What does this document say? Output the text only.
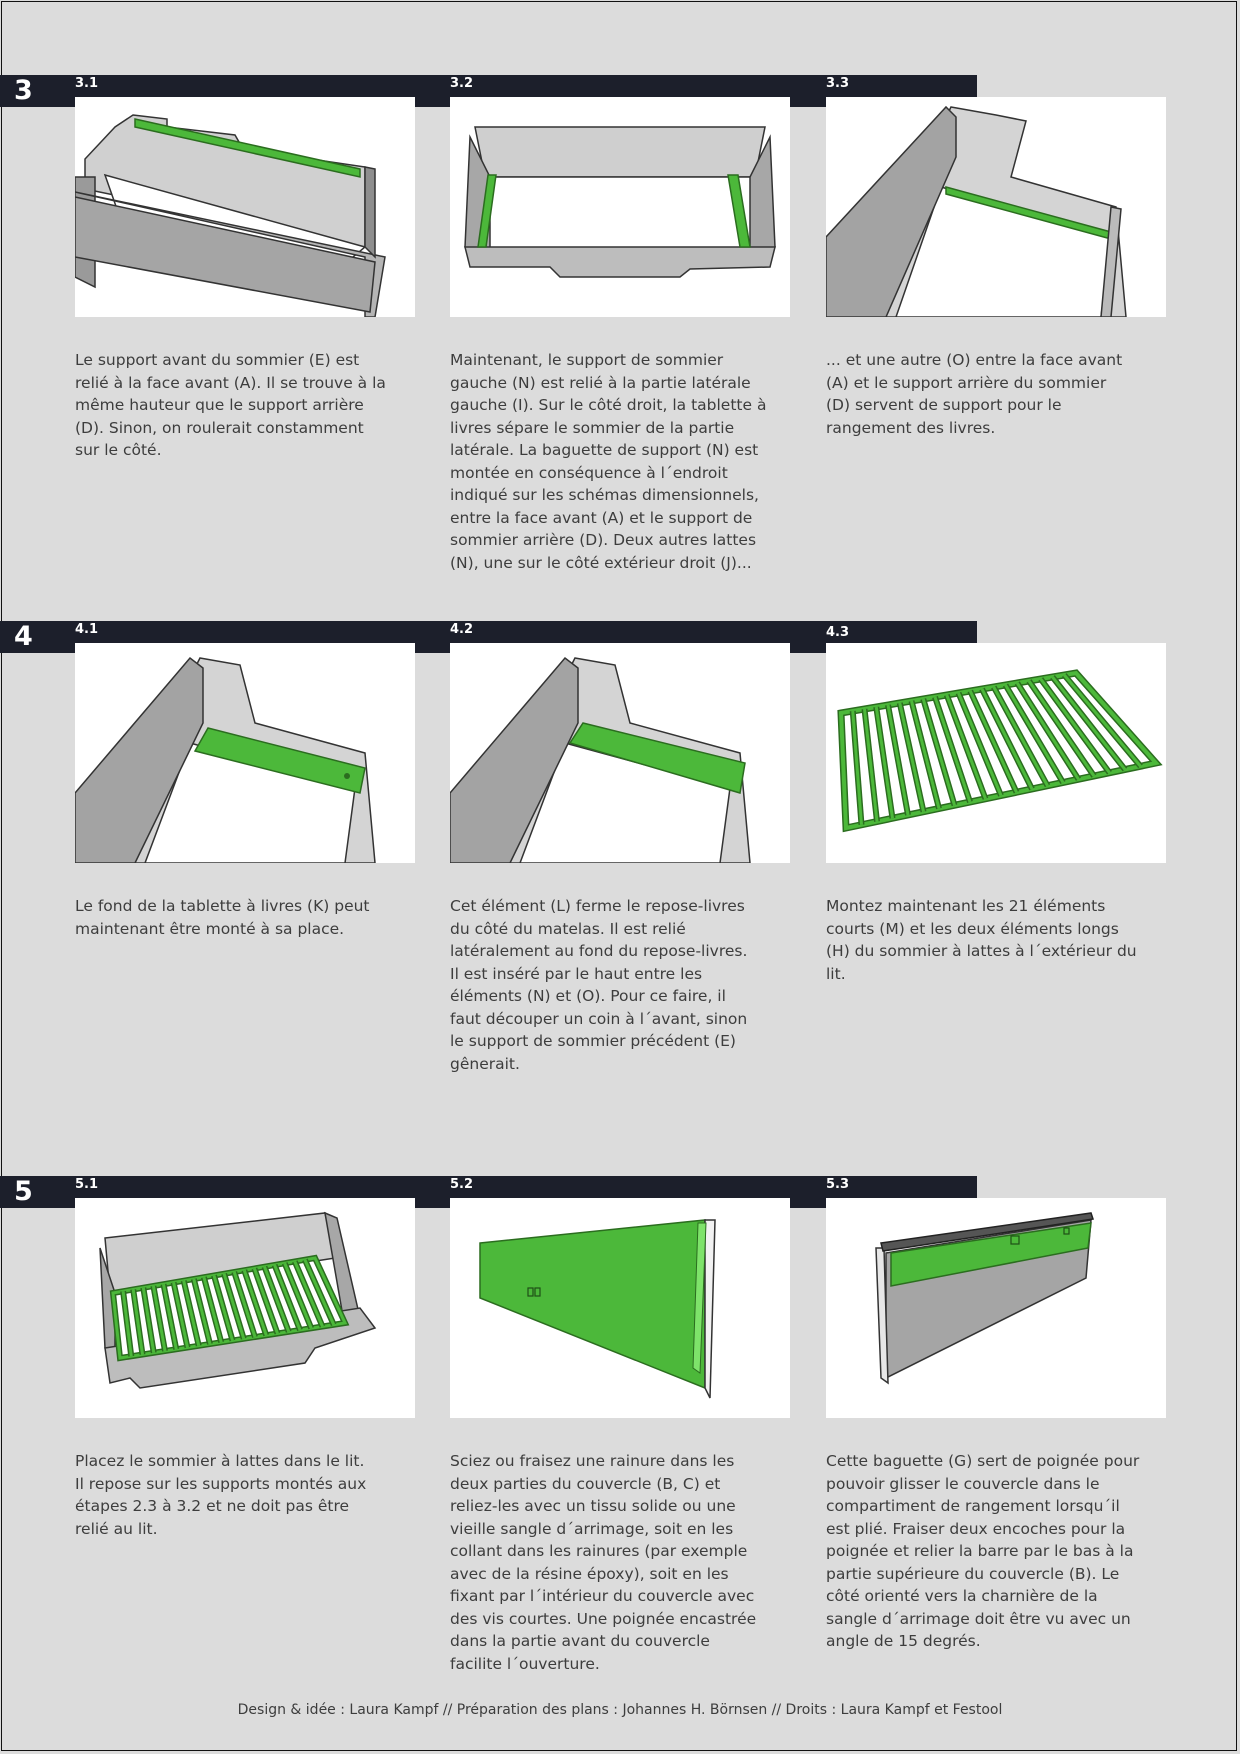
3	3.1	3.2	3.3
Le support avant du sommier (E) est
relié à la face avant (A). Il se trouve à la
même hauteur que le support arrière
(D). Sinon, on roulerait constamment
sur le côté.
Maintenant, le support de sommier
gauche (N) est relié à la partie latérale
gauche (I). Sur le côté droit, la tablette à
livres sépare le sommier de la partie
latérale. La baguette de support (N) est
montée en conséquence à l´endroit
indiqué sur les schémas dimensionnels,
entre la face avant (A) et le support de
sommier arrière (D). Deux autres lattes
(N), une sur le côté extérieur droit (J)...
... et une autre (O) entre la face avant
(A) et le support arrière du sommier
(D) servent de support pour le
rangement des livres.
4	4.1	4.2	4.3
Le fond de la tablette à livres (K) peut
maintenant être monté à sa place.
Cet élément (L) ferme le repose-livres
du côté du matelas. Il est relié
latéralement au fond du repose-livres.
Il est inséré par le haut entre les
éléments (N) et (O). Pour ce faire, il
faut découper un coin à l´avant, sinon
le support de sommier précédent (E)
gênerait.
Montez maintenant les 21 éléments
courts (M) et les deux éléments longs
(H) du sommier à lattes à l´extérieur du
lit.
5	5.1	5.2	5.3
Placez le sommier à lattes dans le lit.
Il repose sur les supports montés aux
étapes 2.3 à 3.2 et ne doit pas être
relié au lit.
Sciez ou fraisez une rainure dans les
deux parties du couvercle (B, C) et
reliez-les avec un tissu solide ou une
vieille sangle d´arrimage, soit en les
collant dans les rainures (par exemple
avec de la résine époxy), soit en les
fixant par l´intérieur du couvercle avec
des vis courtes. Une poignée encastrée
dans la partie avant du couvercle
facilite l´ouverture.
Cette baguette (G) sert de poignée pour
pouvoir glisser le couvercle dans le
compartiment de rangement lorsqu´il
est plié. Fraiser deux encoches pour la
poignée et relier la barre par le bas à la
partie supérieure du couvercle (B). Le
côté orienté vers la charnière de la
sangle d´arrimage doit être vu avec un
angle de 15 degrés.
Design & idée : Laura Kampf // Préparation des plans : Johannes H. Börnsen // Droits : Laura Kampf et Festool
